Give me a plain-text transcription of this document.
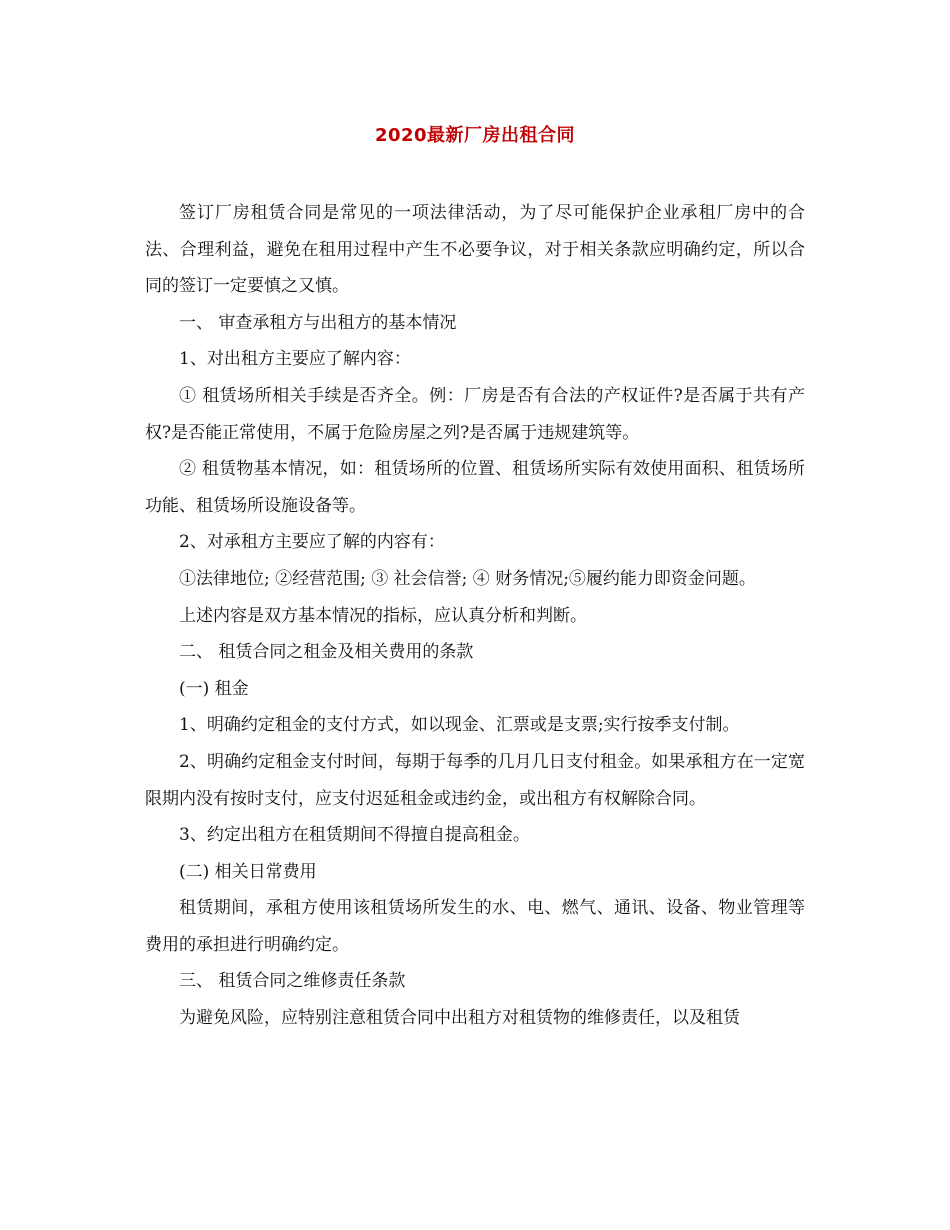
2020最新厂房出租合同

签订厂房租赁合同是常见的一项法律活动，为了尽可能保护企业承租厂房中的合法、合理利益，避免在租用过程中产生不必要争议，对于相关条款应明确约定，所以合同的签订一定要慎之又慎。

一、 审查承租方与出租方的基本情况

1、对出租方主要应了解内容：

① 租赁场所相关手续是否齐全。例：厂房是否有合法的产权证件?是否属于共有产权?是否能正常使用，不属于危险房屋之列?是否属于违规建筑等。

② 租赁物基本情况，如：租赁场所的位置、租赁场所实际有效使用面积、租赁场所功能、租赁场所设施设备等。

2、对承租方主要应了解的内容有：

①法律地位; ②经营范围; ③ 社会信誉; ④ 财务情况;⑤履约能力即资金问题。

上述内容是双方基本情况的指标，应认真分析和判断。

二、 租赁合同之租金及相关费用的条款

(一) 租金

1、明确约定租金的支付方式，如以现金、汇票或是支票;实行按季支付制。

2、明确约定租金支付时间，每期于每季的几月几日支付租金。如果承租方在一定宽限期内没有按时支付，应支付迟延租金或违约金，或出租方有权解除合同。

3、约定出租方在租赁期间不得擅自提高租金。

(二) 相关日常费用

租赁期间，承租方使用该租赁场所发生的水、电、燃气、通讯、设备、物业管理等费用的承担进行明确约定。

三、 租赁合同之维修责任条款

为避免风险，应特别注意租赁合同中出租方对租赁物的维修责任，以及租赁
